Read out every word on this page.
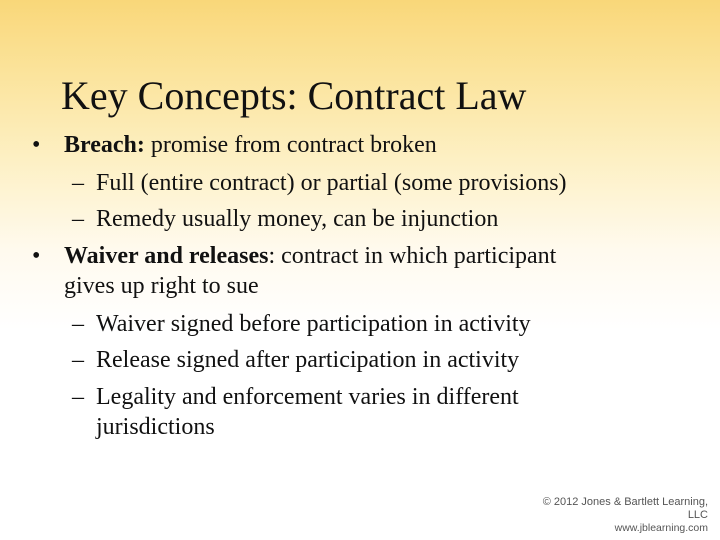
Key Concepts: Contract Law
• Breach: promise from contract broken
– Full (entire contract) or partial (some provisions)
– Remedy usually money, can be injunction
• Waiver and releases: contract in which participant
gives up right to sue
– Waiver signed before participation in activity
– Release signed after participation in activity
– Legality and enforcement varies in different
jurisdictions
© 2012 Jones & Bartlett Learning, LLC
www.jblearning.com
